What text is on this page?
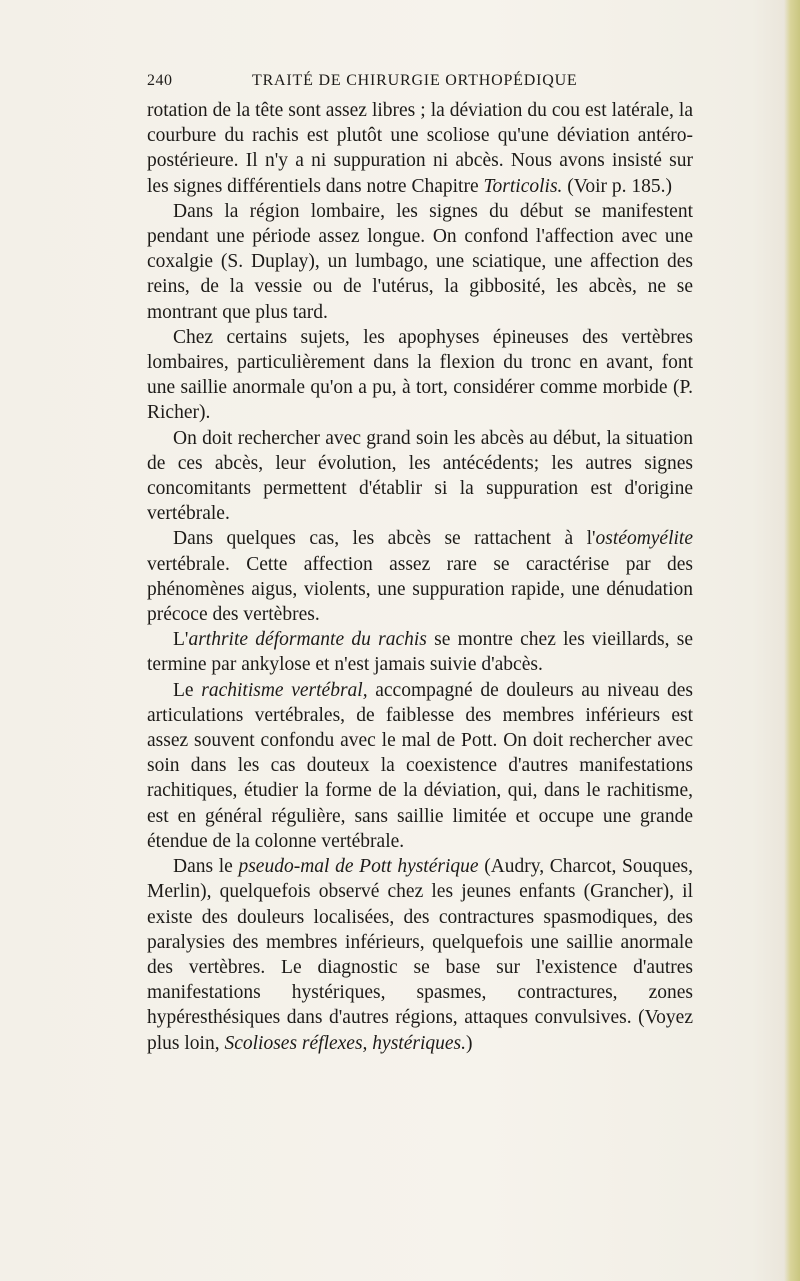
240	TRAITÉ DE CHIRURGIE ORTHOPÉDIQUE

rotation de la tête sont assez libres ; la déviation du cou est latérale, la courbure du rachis est plutôt une scoliose qu'une déviation antéro-postérieure. Il n'y a ni suppuration ni abcès. Nous avons insisté sur les signes différentiels dans notre Chapitre Torticolis. (Voir p. 185.)

Dans la région lombaire, les signes du début se manifestent pendant une période assez longue. On confond l'affection avec une coxalgie (S. Duplay), un lumbago, une sciatique, une affection des reins, de la vessie ou de l'utérus, la gibbosité, les abcès, ne se montrant que plus tard.

Chez certains sujets, les apophyses épineuses des vertèbres lombaires, particulièrement dans la flexion du tronc en avant, font une saillie anormale qu'on a pu, à tort, considérer comme morbide (P. Richer).

On doit rechercher avec grand soin les abcès au début, la situation de ces abcès, leur évolution, les antécédents; les autres signes concomitants permettent d'établir si la suppuration est d'origine vertébrale.

Dans quelques cas, les abcès se rattachent à l'ostéomyélite vertébrale. Cette affection assez rare se caractérise par des phénomènes aigus, violents, une suppuration rapide, une dénudation précoce des vertèbres.

L'arthrite déformante du rachis se montre chez les vieillards, se termine par ankylose et n'est jamais suivie d'abcès.

Le rachitisme vertébral, accompagné de douleurs au niveau des articulations vertébrales, de faiblesse des membres inférieurs est assez souvent confondu avec le mal de Pott. On doit rechercher avec soin dans les cas douteux la coexistence d'autres manifestations rachitiques, étudier la forme de la déviation, qui, dans le rachitisme, est en général régulière, sans saillie limitée et occupe une grande étendue de la colonne vertébrale.

Dans le pseudo-mal de Pott hystérique (Audry, Charcot, Souques, Merlin), quelquefois observé chez les jeunes enfants (Grancher), il existe des douleurs localisées, des contractures spasmodiques, des paralysies des membres inférieurs, quelquefois une saillie anormale des vertèbres. Le diagnostic se base sur l'existence d'autres manifestations hystériques, spasmes, contractures, zones hypéresthésiques dans d'autres régions, attaques convulsives. (Voyez plus loin, Scolioses réflexes, hystériques.)
